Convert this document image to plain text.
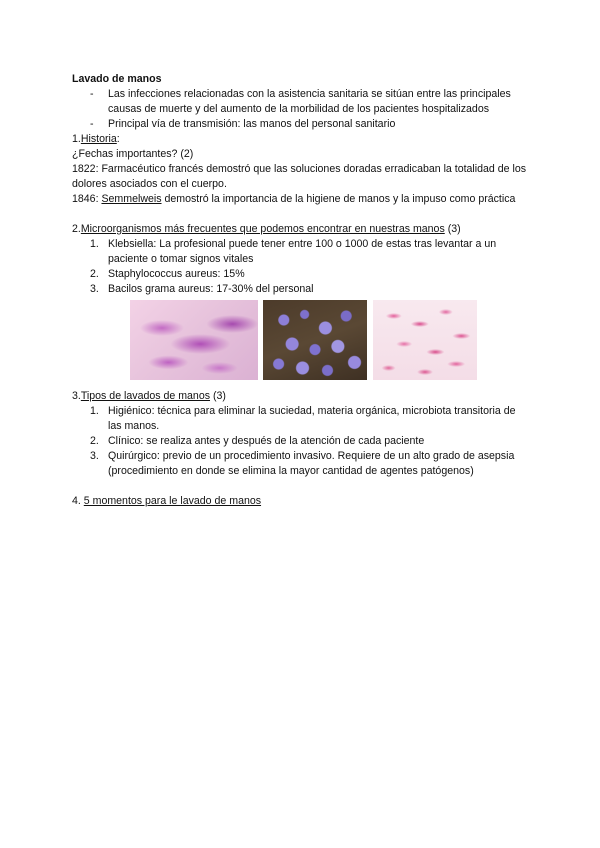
Lavado de manos

- Las infecciones relacionadas con la asistencia sanitaria se sitúan entre las principales causas de muerte y del aumento de la morbilidad de los pacientes hospitalizados
- Principal vía de transmisión: las manos del personal sanitario

1.Historia:

¿Fechas importantes? (2)

1822: Farmacéutico francés demostró que las soluciones doradas erradicaban la totalidad de los dolores asociados con el cuerpo.

1846: Semmelweis demostró la importancia de la higiene de manos y la impuso como práctica

2.Microorganismos más frecuentes que podemos encontrar en nuestras manos (3)

1. Klebsiella: La profesional puede tener entre 100 o 1000 de estas tras levantar a un paciente o tomar signos vitales
2. Staphylococcus aureus: 15%
3. Bacilos grama aureus: 17-30% del personal

3.Tipos de lavados de manos (3)

1. Higiénico: técnica para eliminar la suciedad, materia orgánica, microbiota transitoria de las manos.
2. Clínico: se realiza antes y después de la atención de cada paciente
3. Quirúrgico: previo de un procedimiento invasivo. Requiere de un alto grado de asepsia (procedimiento en donde se elimina la mayor cantidad de agentes patógenos)

4. 5 momentos para le lavado de manos
